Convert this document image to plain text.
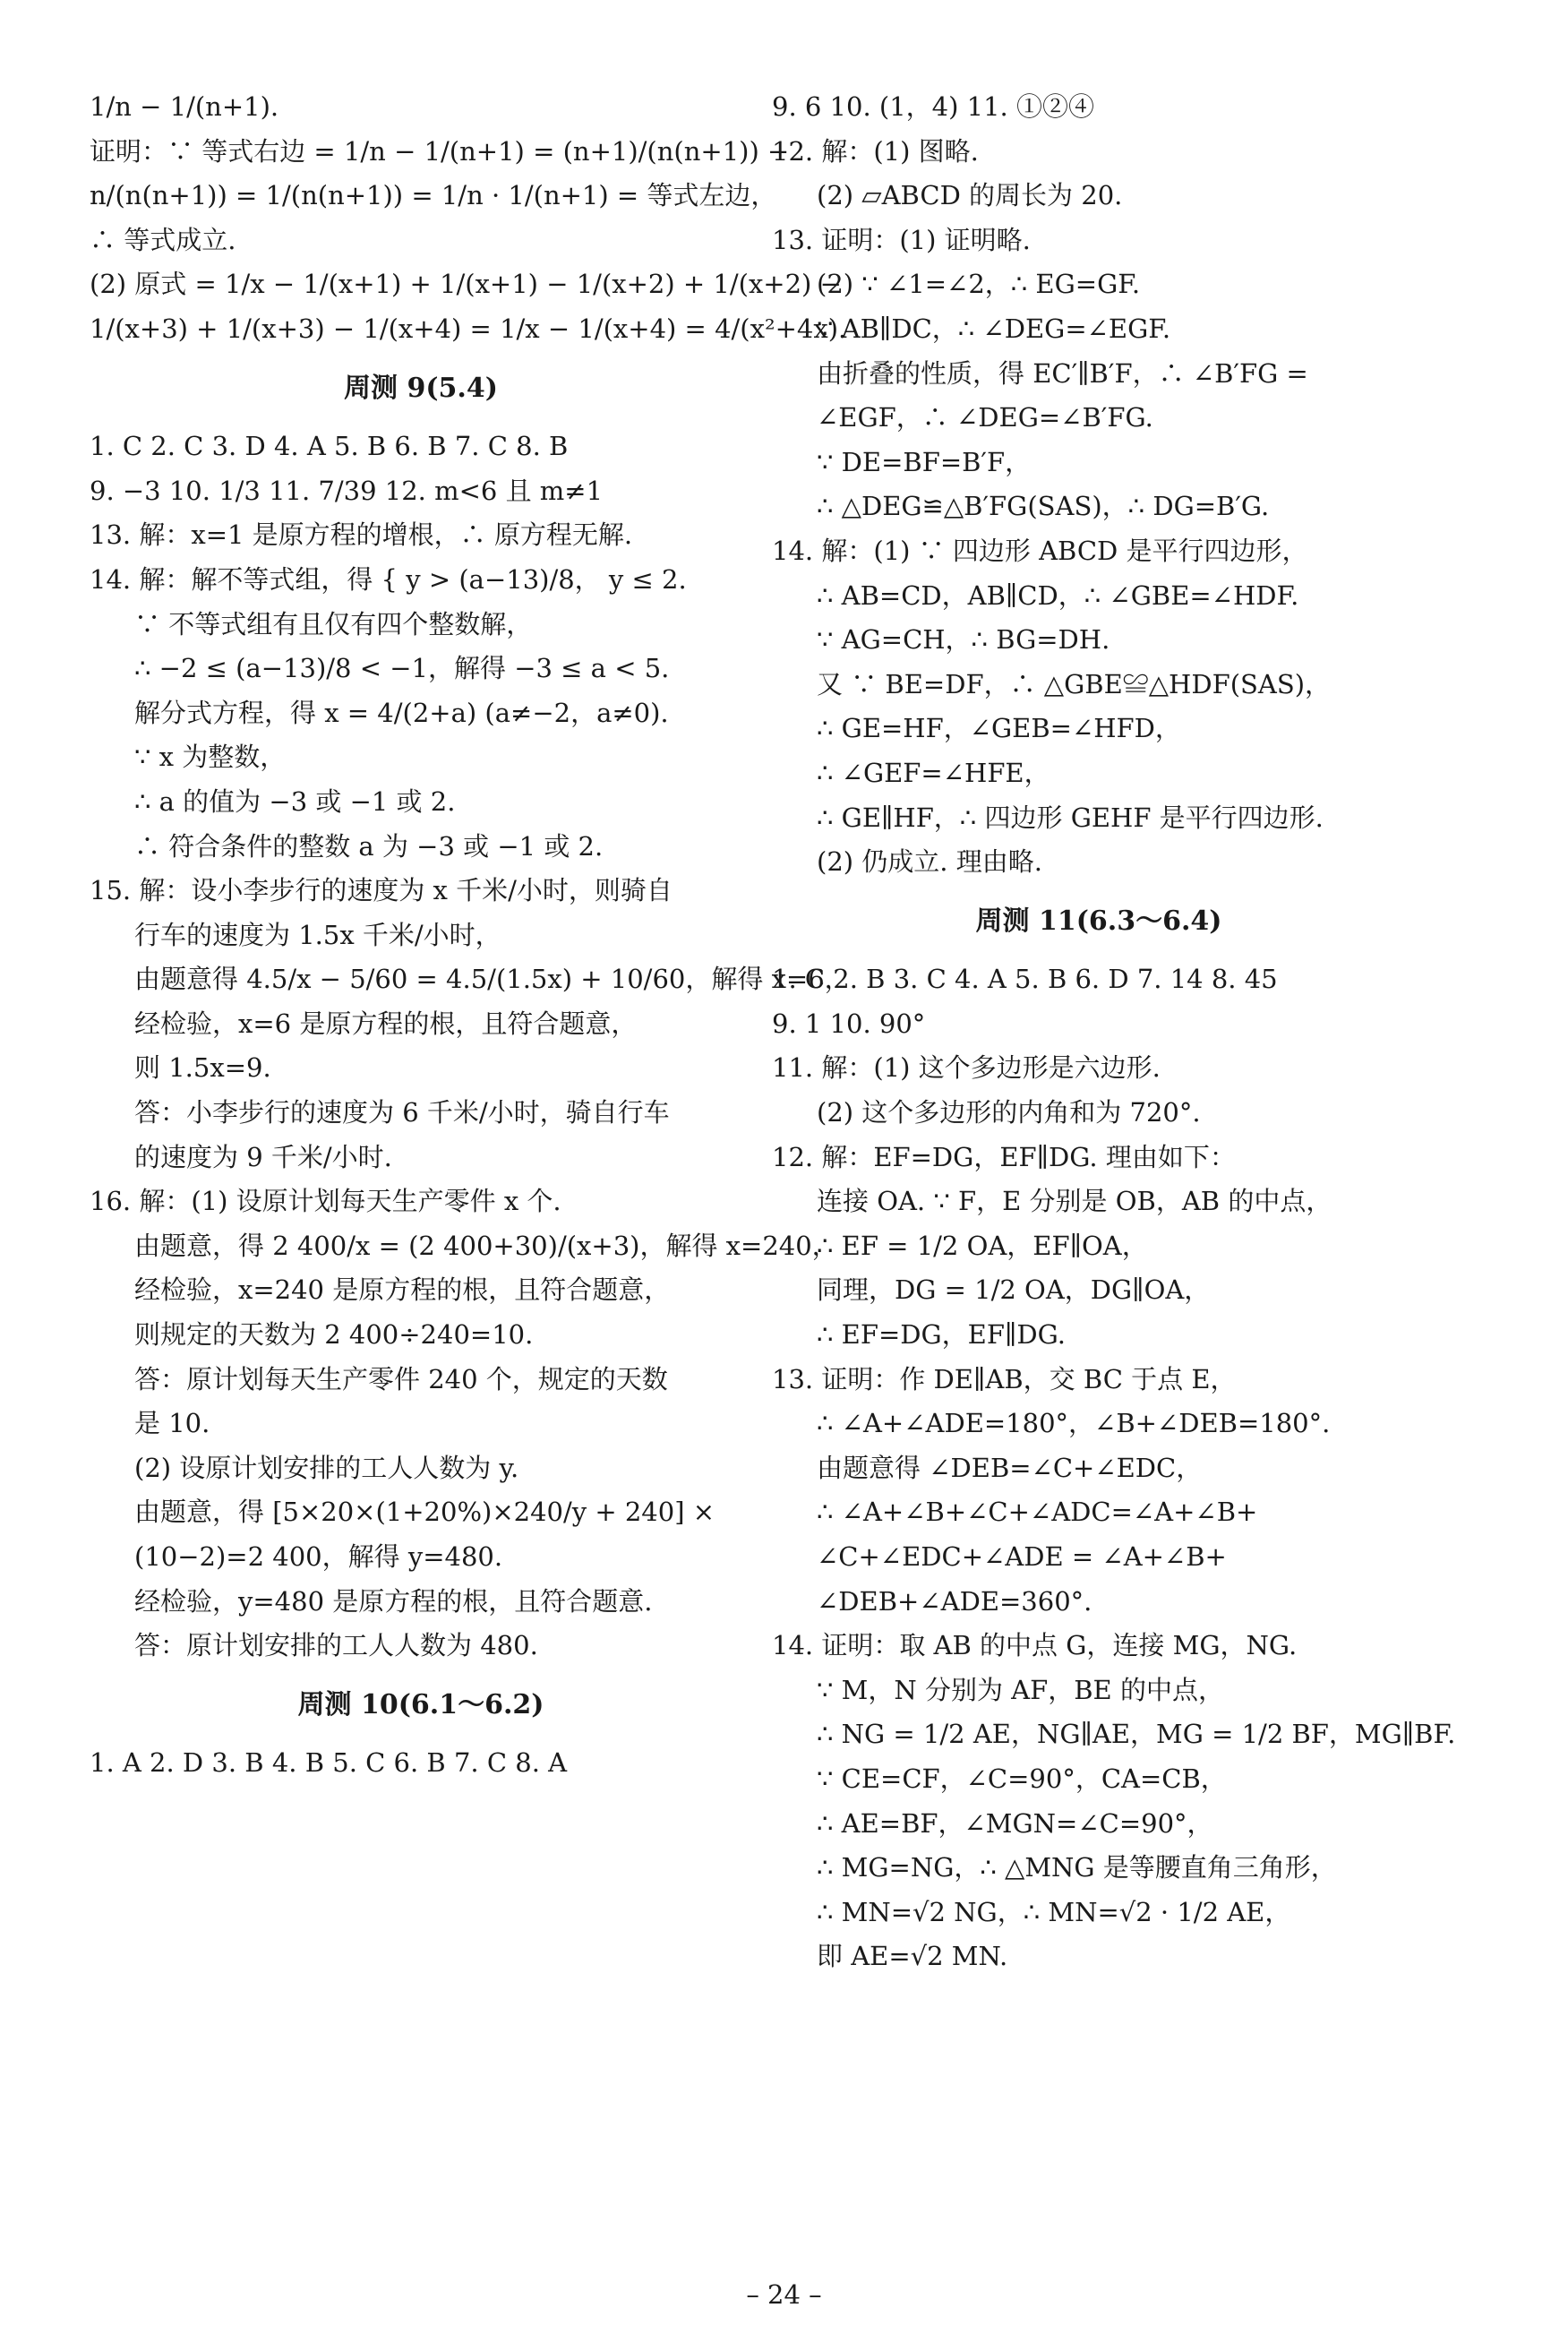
1/n − 1/(n+1).
证明：∵ 等式右边 = 1/n − 1/(n+1) = (n+1)/(n(n+1)) −
n/(n(n+1)) = 1/(n(n+1)) = 1/n · 1/(n+1) = 等式左边，
∴ 等式成立.
(2) 原式 = 1/x − 1/(x+1) + 1/(x+1) − 1/(x+2) + 1/(x+2) −
1/(x+3) + 1/(x+3) − 1/(x+4) = 1/x − 1/(x+4) = 4/(x²+4x).
周测 9(5.4)
1. C 2. C 3. D 4. A 5. B 6. B 7. C 8. B
9. −3 10. 1/3 11. 7/39 12. m<6 且 m≠1
13. 解：x=1 是原方程的增根，∴ 原方程无解.
14. 解：解不等式组，得 { y > (a−13)/8， y ≤ 2.
∵ 不等式组有且仅有四个整数解，
∴ −2 ≤ (a−13)/8 < −1，解得 −3 ≤ a < 5.
解分式方程，得 x = 4/(2+a) (a≠−2，a≠0).
∵ x 为整数，
∴ a 的值为 −3 或 −1 或 2.
∴ 符合条件的整数 a 为 −3 或 −1 或 2.
15. 解：设小李步行的速度为 x 千米/小时，则骑自
行车的速度为 1.5x 千米/小时，
由题意得 4.5/x − 5/60 = 4.5/(1.5x) + 10/60，解得 x=6，
经检验，x=6 是原方程的根，且符合题意，
则 1.5x=9.
答：小李步行的速度为 6 千米/小时，骑自行车
的速度为 9 千米/小时.
16. 解：(1) 设原计划每天生产零件 x 个.
由题意，得 2 400/x = (2 400+30)/(x+3)，解得 x=240，
经检验，x=240 是原方程的根，且符合题意，
则规定的天数为 2 400÷240=10.
答：原计划每天生产零件 240 个，规定的天数
是 10.
(2) 设原计划安排的工人人数为 y.
由题意，得 [5×20×(1+20%)×240/y + 240] ×
(10−2)=2 400，解得 y=480.
经检验，y=480 是原方程的根，且符合题意.
答：原计划安排的工人人数为 480.
周测 10(6.1～6.2)
1. A 2. D 3. B 4. B 5. C 6. B 7. C 8. A
9. 6 10. (1，4) 11. ①②④
12. 解：(1) 图略.
(2) ▱ABCD 的周长为 20.
13. 证明：(1) 证明略.
(2) ∵ ∠1=∠2，∴ EG=GF.
∵ AB∥DC，∴ ∠DEG=∠EGF.
由折叠的性质，得 EC′∥B′F，∴ ∠B′FG =
∠EGF，∴ ∠DEG=∠B′FG.
∵ DE=BF=B′F，
∴ △DEG≌△B′FG(SAS)，∴ DG=B′G.
14. 解：(1) ∵ 四边形 ABCD 是平行四边形，
∴ AB=CD，AB∥CD，∴ ∠GBE=∠HDF.
∵ AG=CH，∴ BG=DH.
又 ∵ BE=DF，∴ △GBE≌△HDF(SAS)，
∴ GE=HF，∠GEB=∠HFD，
∴ ∠GEF=∠HFE，
∴ GE∥HF，∴ 四边形 GEHF 是平行四边形.
(2) 仍成立. 理由略.
周测 11(6.3～6.4)
1. C 2. B 3. C 4. A 5. B 6. D 7. 14 8. 45
9. 1 10. 90°
11. 解：(1) 这个多边形是六边形.
(2) 这个多边形的内角和为 720°.
12. 解：EF=DG，EF∥DG. 理由如下：
连接 OA. ∵ F，E 分别是 OB，AB 的中点，
∴ EF = 1/2 OA，EF∥OA，
同理，DG = 1/2 OA，DG∥OA，
∴ EF=DG，EF∥DG.
13. 证明：作 DE∥AB，交 BC 于点 E，
∴ ∠A+∠ADE=180°，∠B+∠DEB=180°.
由题意得 ∠DEB=∠C+∠EDC，
∴ ∠A+∠B+∠C+∠ADC=∠A+∠B+
∠C+∠EDC+∠ADE = ∠A+∠B+
∠DEB+∠ADE=360°.
14. 证明：取 AB 的中点 G，连接 MG，NG.
∵ M，N 分别为 AF，BE 的中点，
∴ NG = 1/2 AE，NG∥AE，MG = 1/2 BF，MG∥BF.
∵ CE=CF，∠C=90°，CA=CB，
∴ AE=BF，∠MGN=∠C=90°，
∴ MG=NG，∴ △MNG 是等腰直角三角形，
∴ MN=√2 NG，∴ MN=√2 · 1/2 AE，
即 AE=√2 MN.
– 24 –
